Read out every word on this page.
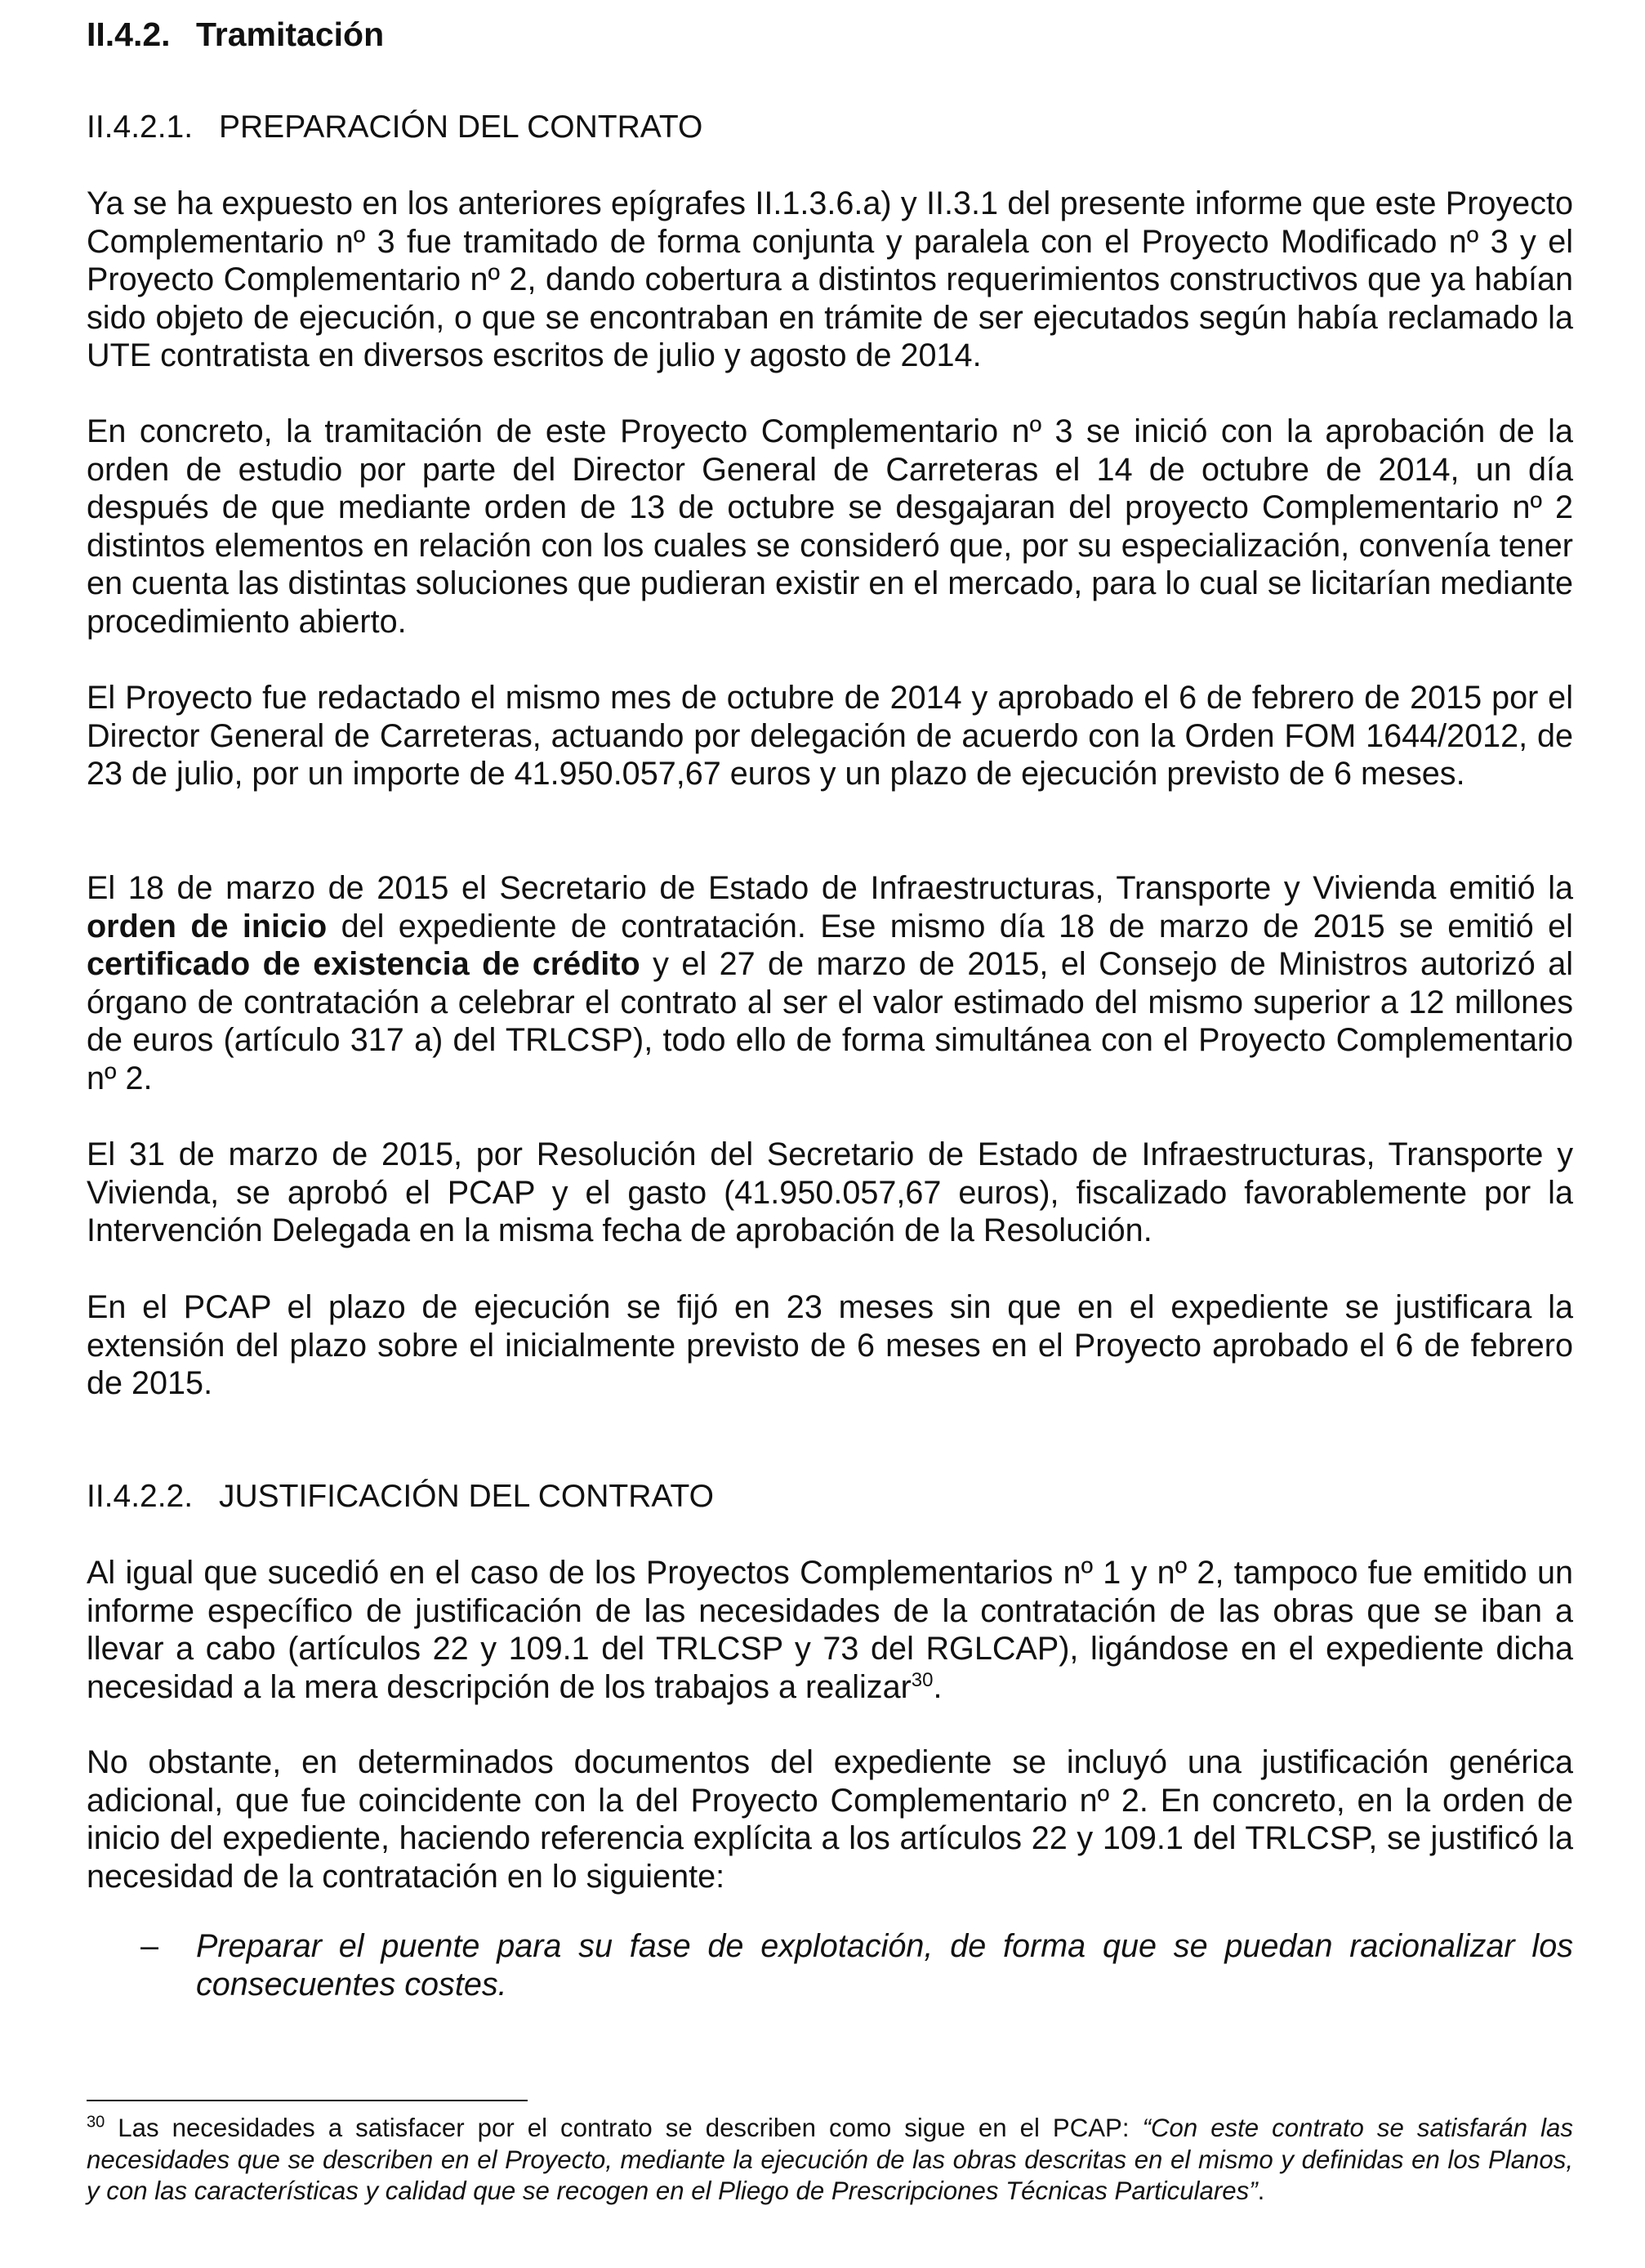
II.4.2. Tramitación
II.4.2.1. PREPARACIÓN DEL CONTRATO

Ya se ha expuesto en los anteriores epígrafes II.1.3.6.a) y II.3.1 del presente informe que este Proyecto Complementario nº 3 fue tramitado de forma conjunta y paralela con el Proyecto Modificado nº 3 y el Proyecto Complementario nº 2, dando cobertura a distintos requerimientos constructivos que ya habían sido objeto de ejecución, o que se encontraban en trámite de ser ejecutados según había reclamado la UTE contratista en diversos escritos de julio y agosto de 2014.

En concreto, la tramitación de este Proyecto Complementario nº 3 se inició con la aprobación de la orden de estudio por parte del Director General de Carreteras el 14 de octubre de 2014, un día después de que mediante orden de 13 de octubre se desgajaran del proyecto Complementario nº 2 distintos elementos en relación con los cuales se consideró que, por su especialización, convenía tener en cuenta las distintas soluciones que pudieran existir en el mercado, para lo cual se licitarían mediante procedimiento abierto.

El Proyecto fue redactado el mismo mes de octubre de 2014 y aprobado el 6 de febrero de 2015 por el Director General de Carreteras, actuando por delegación de acuerdo con la Orden FOM 1644/2012, de 23 de julio, por un importe de 41.950.057,67 euros y un plazo de ejecución previsto de 6 meses.

El 18 de marzo de 2015 el Secretario de Estado de Infraestructuras, Transporte y Vivienda emitió la orden de inicio del expediente de contratación. Ese mismo día 18 de marzo de 2015 se emitió el certificado de existencia de crédito y el 27 de marzo de 2015, el Consejo de Ministros autorizó al órgano de contratación a celebrar el contrato al ser el valor estimado del mismo superior a 12 millones de euros (artículo 317 a) del TRLCSP), todo ello de forma simultánea con el Proyecto Complementario nº 2.

El 31 de marzo de 2015, por Resolución del Secretario de Estado de Infraestructuras, Transporte y Vivienda, se aprobó el PCAP y el gasto (41.950.057,67 euros), fiscalizado favorablemente por la Intervención Delegada en la misma fecha de aprobación de la Resolución.

En el PCAP el plazo de ejecución se fijó en 23 meses sin que en el expediente se justificara la extensión del plazo sobre el inicialmente previsto de 6 meses en el Proyecto aprobado el 6 de febrero de 2015.

II.4.2.2. JUSTIFICACIÓN DEL CONTRATO

Al igual que sucedió en el caso de los Proyectos Complementarios nº 1 y nº 2, tampoco fue emitido un informe específico de justificación de las necesidades de la contratación de las obras que se iban a llevar a cabo (artículos 22 y 109.1 del TRLCSP y 73 del RGLCAP), ligándose en el expediente dicha necesidad a la mera descripción de los trabajos a realizar$^{30}$.

No obstante, en determinados documentos del expediente se incluyó una justificación genérica adicional, que fue coincidente con la del Proyecto Complementario nº 2. En concreto, en la orden de inicio del expediente, haciendo referencia explícita a los artículos 22 y 109.1 del TRLCSP, se justificó la necesidad de la contratación en lo siguiente:

– Preparar el puente para su fase de explotación, de forma que se puedan racionalizar los consecuentes costes.

$^{30}$ Las necesidades a satisfacer por el contrato se describen como sigue en el PCAP: “Con este contrato se satisfarán las necesidades que se describen en el Proyecto, mediante la ejecución de las obras descritas en el mismo y definidas en los Planos, y con las características y calidad que se recogen en el Pliego de Prescripciones Técnicas Particulares”.
